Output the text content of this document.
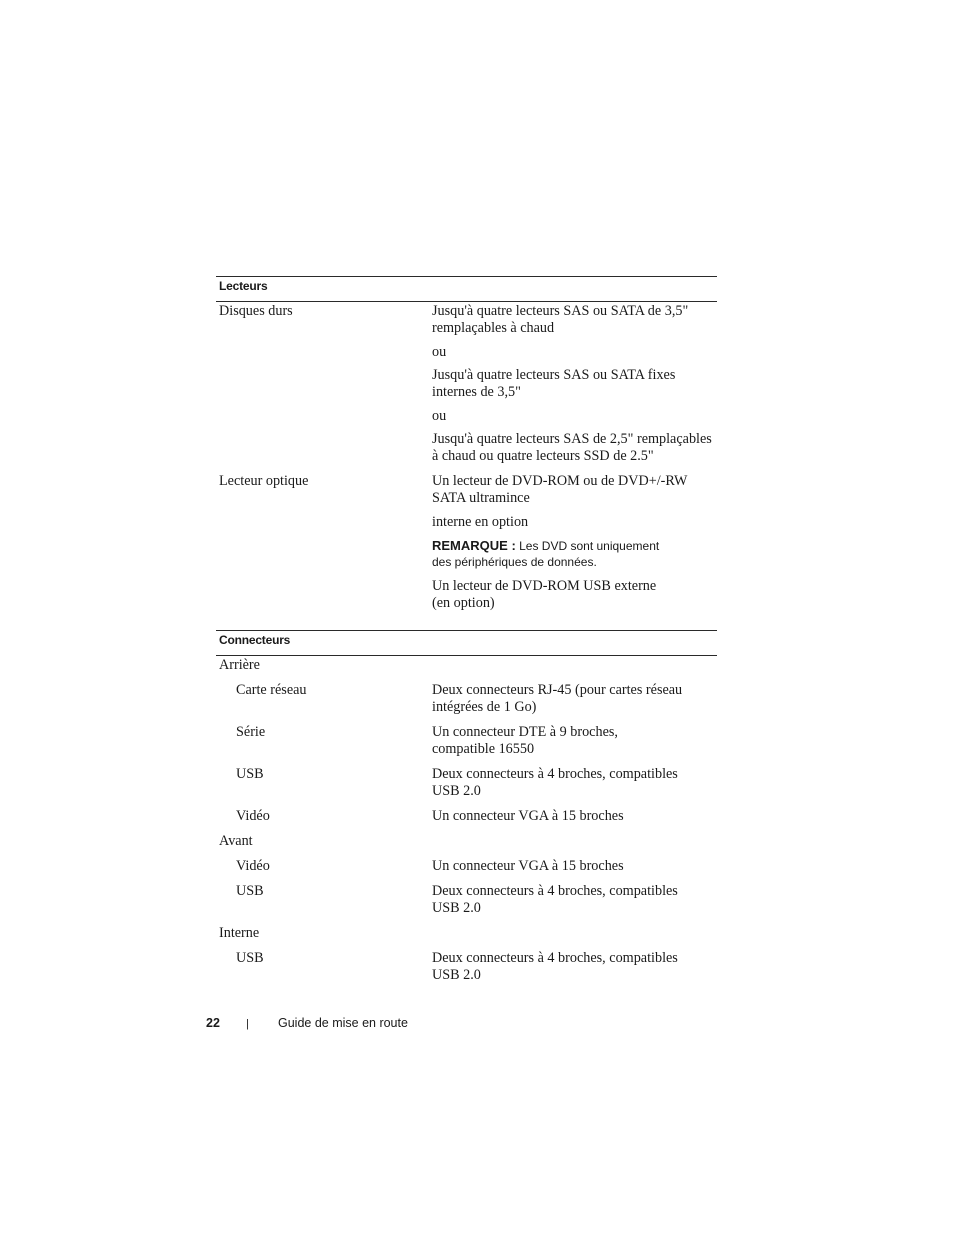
Lecteurs
Disques durs	Jusqu'à quatre lecteurs SAS ou SATA de 3,5"
remplaçables à chaud
ou
Jusqu'à quatre lecteurs SAS ou SATA fixes
internes de 3,5"
ou
Jusqu'à quatre lecteurs SAS de 2,5" remplaçables
à chaud ou quatre lecteurs SSD de 2.5"
Lecteur optique	Un lecteur de DVD-ROM ou de DVD+/-RW
SATA ultramince
interne en option
REMARQUE : Les DVD sont uniquement
des périphériques de données.
Un lecteur de DVD-ROM USB externe
(en option)
Connecteurs
Arrière
Carte réseau	Deux connecteurs RJ-45 (pour cartes réseau
intégrées de 1 Go)
Série	Un connecteur DTE à 9 broches,
compatible 16550
USB	Deux connecteurs à 4 broches, compatibles
USB 2.0
Vidéo	Un connecteur VGA à 15 broches
Avant
Vidéo	Un connecteur VGA à 15 broches
USB	Deux connecteurs à 4 broches, compatibles
USB 2.0
Interne
USB	Deux connecteurs à 4 broches, compatibles
USB 2.0
22 | Guide de mise en route
